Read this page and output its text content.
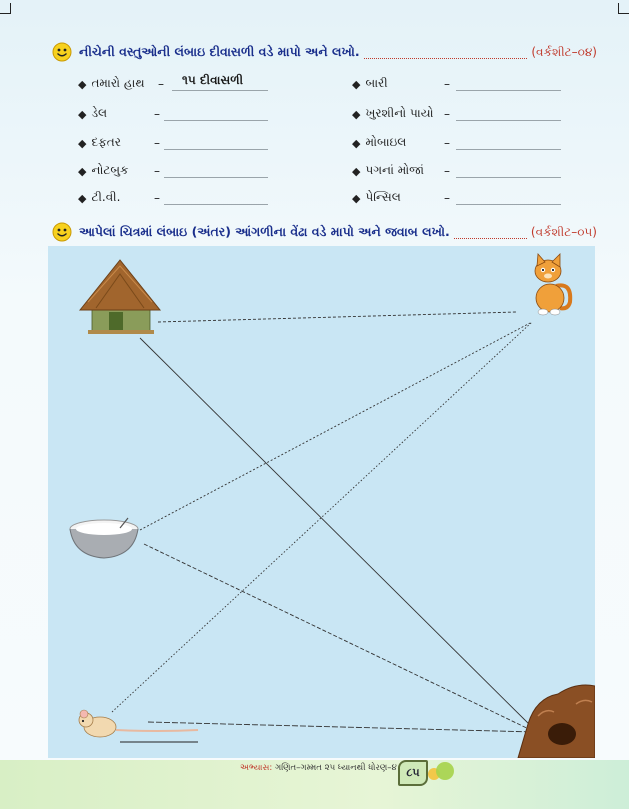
નીચેની વસ્તુઓની લંબાઇ દીવાસળી વડે માપો અને લખો.	(વર્કશીટ–૦૪)
◆ તમારો હાથ – ૧૫ દીવાસળી
◆ ડેલ	–
◆ દફતર	–
◆ નોટબુક –
◆ ટી.વી.	–
◆ બારી	–
◆ ખુરશીનો પાયો –
◆ મોબાઇલ	–
◆ પગનાં મોજાં –
◆ પેન્સિલ	–
આપેલાં ચિત્રમાં લંબાઇ (અંતર) આંગળીના વેંઢા વડે માપો અને જવાબ લખો.	(વર્કશીટ–૦૫)
અભ્યાસ: ગણિત–ગમ્મત ૨૫ ધ્યાનથી ધોરણ–૪ ૮૫
